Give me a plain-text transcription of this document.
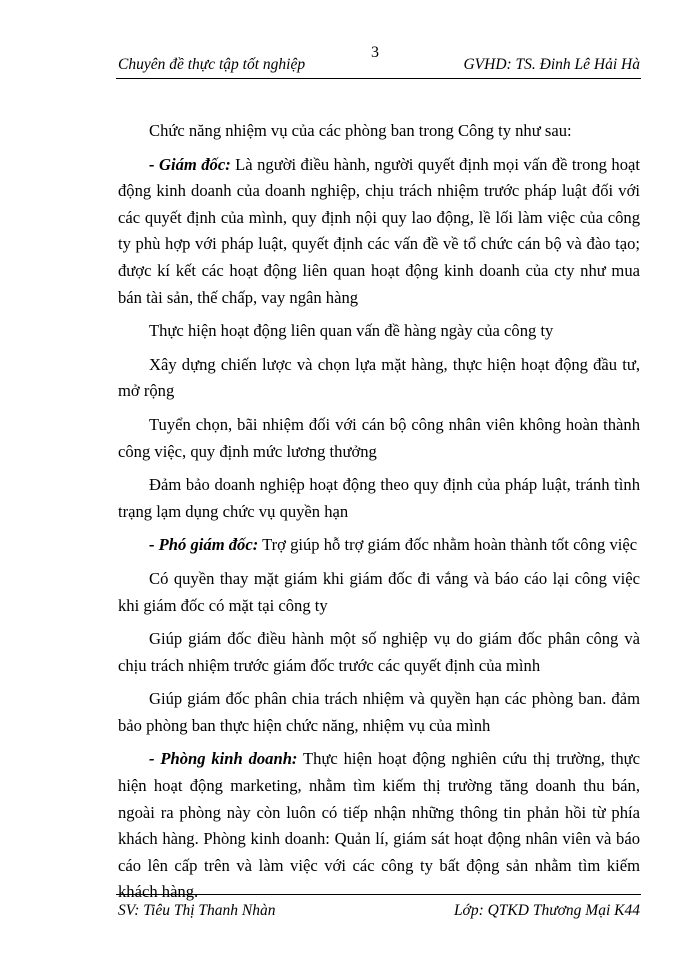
3
Chuyên đề thực tập tốt nghiệp	GVHD: TS. Đinh Lê Hải Hà

Chức năng nhiệm vụ của các phòng ban trong Công ty như sau:

- Giám đốc: Là người điều hành, người quyết định mọi vấn đề trong hoạt động kinh doanh của doanh nghiệp, chịu trách nhiệm trước pháp luật đối với các quyết định của mình, quy định nội quy lao động, lề lối làm việc của công ty phù hợp với pháp luật, quyết định các vấn đề về tổ chức cán bộ và đào tạo; được kí kết các hoạt động liên quan hoạt động kinh doanh của cty như mua bán tài sản, thế chấp, vay ngân hàng

Thực hiện hoạt động liên quan vấn đề hàng ngày của công ty

Xây dựng chiến lược và chọn lựa mặt hàng, thực hiện hoạt động đầu tư, mở rộng

Tuyển chọn, bãi nhiệm đối với cán bộ công nhân viên không hoàn thành công việc, quy định mức lương thưởng

Đảm bảo doanh nghiệp hoạt động theo quy định của pháp luật, tránh tình trạng lạm dụng chức vụ quyền hạn

- Phó giám đốc: Trợ giúp hỗ trợ giám đốc nhằm hoàn thành tốt công việc

Có quyền thay mặt giám khi giám đốc đi vắng và báo cáo lại công việc khi giám đốc có mặt tại công ty

Giúp giám đốc điều hành một số nghiệp vụ do giám đốc phân công và chịu trách nhiệm trước giám đốc trước các quyết định của mình

Giúp giám đốc phân chia trách nhiệm và quyền hạn các phòng ban. đảm bảo phòng ban thực hiện chức năng, nhiệm vụ của mình

- Phòng kinh doanh: Thực hiện hoạt động nghiên cứu thị trường, thực hiện hoạt động marketing, nhằm tìm kiếm thị trường tăng doanh thu bán, ngoài ra phòng này còn luôn có tiếp nhận những thông tin phản hồi từ phía khách hàng. Phòng kinh doanh: Quản lí, giám sát hoạt động nhân viên và báo cáo lên cấp trên và làm việc với các công ty bất động sản nhằm tìm kiếm khách hàng.

SV: Tiêu Thị Thanh Nhàn	Lớp: QTKD Thương Mại K44
